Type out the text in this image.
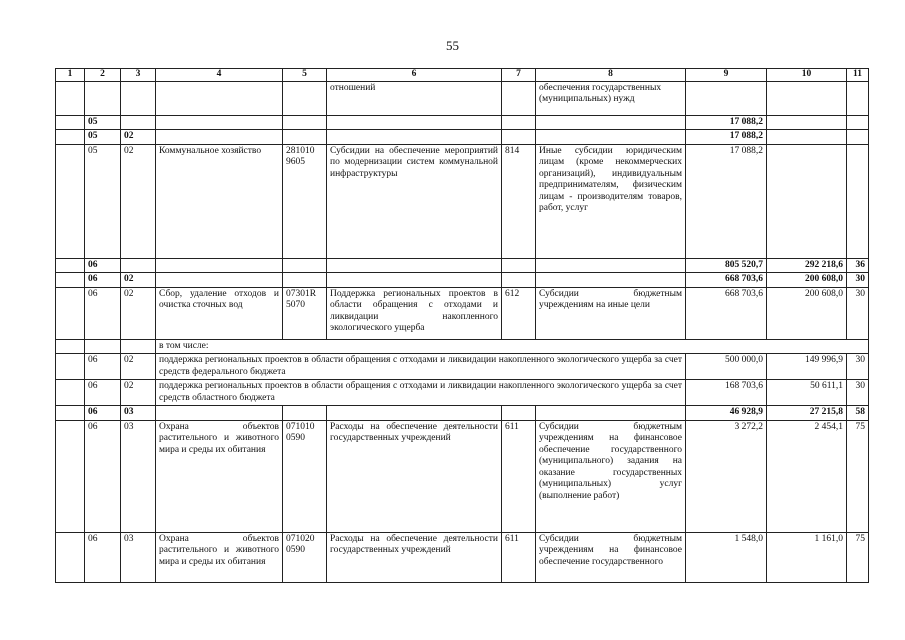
55
1	2	3	4	5	6	7	8	9	10	11
					отношений		обеспечения государственных (муниципальных) нужд			
	05							17 088,2		
	05	02						17 088,2		
	05	02	Коммунальное хозяйство	281010 9605	Субсидии на обеспечение мероприятий по модернизации систем коммунальной инфраструктуры	814	Иные субсидии юридическим лицам (кроме некоммерческих организаций), индивидуальным предпринимателям, физическим лицам - производителям товаров, работ, услуг	17 088,2		
	06							805 520,7	292 218,6	36
	06	02						668 703,6	200 608,0	30
	06	02	Сбор, удаление отходов и очистка сточных вод	07301R 5070	Поддержка региональных проектов в области обращения с отходами и ликвидации накопленного экологического ущерба	612	Субсидии бюджетным учреждениям на иные цели	668 703,6	200 608,0	30
			в том числе:							
	06	02	поддержка региональных проектов в области обращения с отходами и ликвидации накопленного экологического ущерба за счет средств федерального бюджета					500 000,0	149 996,9	30
	06	02	поддержка региональных проектов в области обращения с отходами и ликвидации накопленного экологического ущерба за счет средств областного бюджета					168 703,6	50 611,1	30
	06	03						46 928,9	27 215,8	58
	06	03	Охрана объектов растительного и животного мира и среды их обитания	071010 0590	Расходы на обеспечение деятельности государственных учреждений	611	Субсидии бюджетным учреждениям на финансовое обеспечение государственного (муниципального) задания на оказание государственных (муниципальных) услуг (выполнение работ)	3 272,2	2 454,1	75
	06	03	Охрана объектов растительного и животного мира и среды их обитания	071020 0590	Расходы на обеспечение деятельности государственных учреждений	611	Субсидии бюджетным учреждениям на финансовое обеспечение государственного	1 548,0	1 161,0	75
